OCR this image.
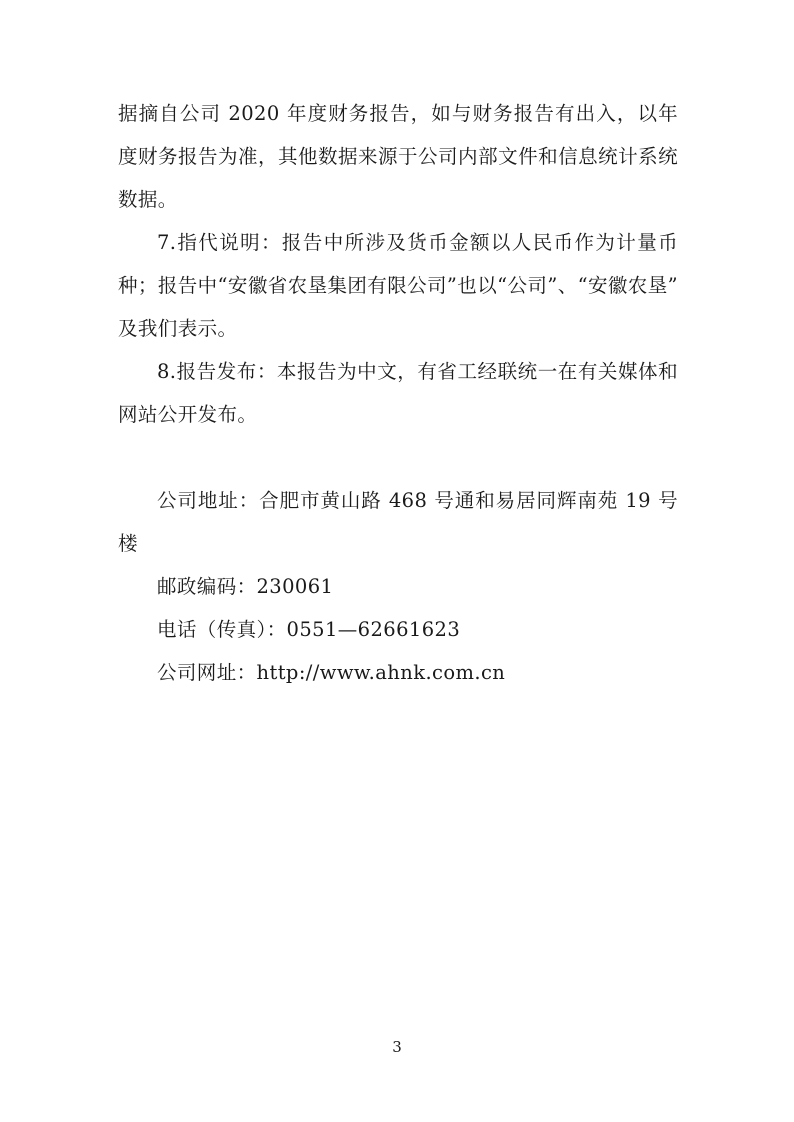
据摘自公司 2020 年度财务报告，如与财务报告有出入，以年度财务报告为准，其他数据来源于公司内部文件和信息统计系统数据。

7.指代说明：报告中所涉及货币金额以人民币作为计量币种；报告中“安徽省农垦集团有限公司”也以“公司”、“安徽农垦”及我们表示。

8.报告发布：本报告为中文，有省工经联统一在有关媒体和网站公开发布。

公司地址：合肥市黄山路 468 号通和易居同辉南苑 19 号楼

邮政编码：230061

电话（传真）：0551—62661623

公司网址：http://www.ahnk.com.cn

3
